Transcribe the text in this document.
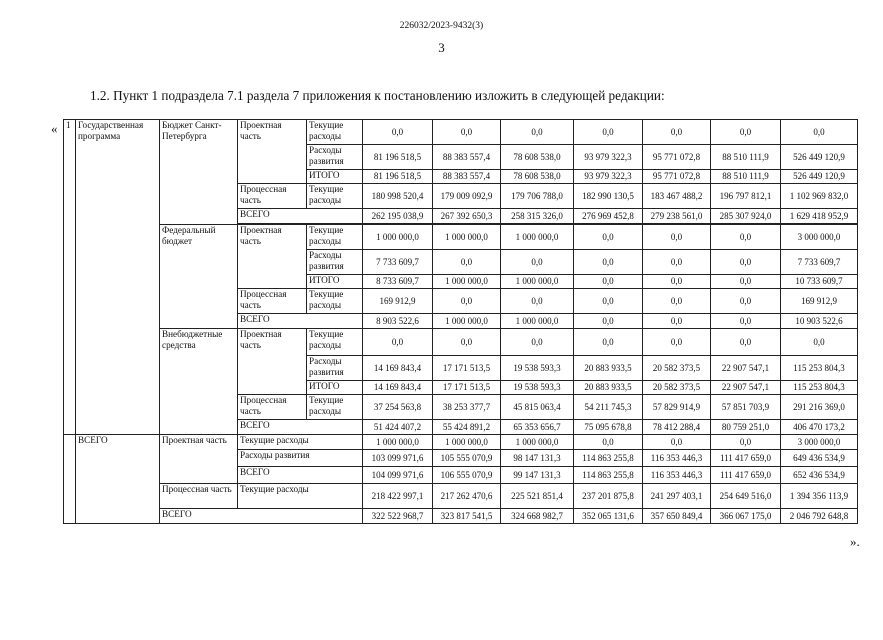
226032/2023-9432(3)
3
1.2. Пункт 1 подраздела 7.1 раздела 7 приложения к постановлению изложить в следующей редакции:
«
».
1	Государственная программа	Бюджет Санкт-Петербурга	Проектная часть	Текущие расходы	0,0	0,0	0,0	0,0	0,0	0,0	0,0
				Расходы развития	81 196 518,5	88 383 557,4	78 608 538,0	93 979 322,3	95 771 072,8	88 510 111,9	526 449 120,9
				ИТОГО	81 196 518,5	88 383 557,4	78 608 538,0	93 979 322,3	95 771 072,8	88 510 111,9	526 449 120,9
			Процессная часть	Текущие расходы	180 998 520,4	179 009 092,9	179 706 788,0	182 990 130,5	183 467 488,2	196 797 812,1	1 102 969 832,0
			ВСЕГО		262 195 038,9	267 392 650,3	258 315 326,0	276 969 452,8	279 238 561,0	285 307 924,0	1 629 418 952,9

		Федеральный бюджет	Проектная часть	Текущие расходы	1 000 000,0	1 000 000,0	1 000 000,0	0,0	0,0	0,0	3 000 000,0
				Расходы развития	7 733 609,7	0,0	0,0	0,0	0,0	0,0	7 733 609,7
				ИТОГО	8 733 609,7	1 000 000,0	1 000 000,0	0,0	0,0	0,0	10 733 609,7
			Процессная часть	Текущие расходы	169 912,9	0,0	0,0	0,0	0,0	0,0	169 912,9
			ВСЕГО		8 903 522,6	1 000 000,0	1 000 000,0	0,0	0,0	0,0	10 903 522,6
		Внебюджетные средства	Проектная часть	Текущие расходы	0,0	0,0	0,0	0,0	0,0	0,0	0,0
				Расходы развития	14 169 843,4	17 171 513,5	19 538 593,3	20 883 933,5	20 582 373,5	22 907 547,1	115 253 804,3
				ИТОГО	14 169 843,4	17 171 513,5	19 538 593,3	20 883 933,5	20 582 373,5	22 907 547,1	115 253 804,3
			Процессная часть	Текущие расходы	37 254 563,8	38 253 377,7	45 815 063,4	54 211 745,3	57 829 914,9	57 851 703,9	291 216 369,0
			ВСЕГО		51 424 407,2	55 424 891,2	65 353 656,7	75 095 678,8	78 412 288,4	80 759 251,0	406 470 173,2
	ВСЕГО	Проектная часть	Текущие расходы		1 000 000,0	1 000 000,0	1 000 000,0	0,0	0,0	0,0	3 000 000,0
			Расходы развития		103 099 971,6	105 555 070,9	98 147 131,3	114 863 255,8	116 353 446,3	111 417 659,0	649 436 534,9
			ВСЕГО		104 099 971,6	106 555 070,9	99 147 131,3	114 863 255,8	116 353 446,3	111 417 659,0	652 436 534,9
		Процессная часть	Текущие расходы		218 422 997,1	217 262 470,6	225 521 851,4	237 201 875,8	241 297 403,1	254 649 516,0	1 394 356 113,9
		ВСЕГО			322 522 968,7	323 817 541,5	324 668 982,7	352 065 131,6	357 650 849,4	366 067 175,0	2 046 792 648,8
